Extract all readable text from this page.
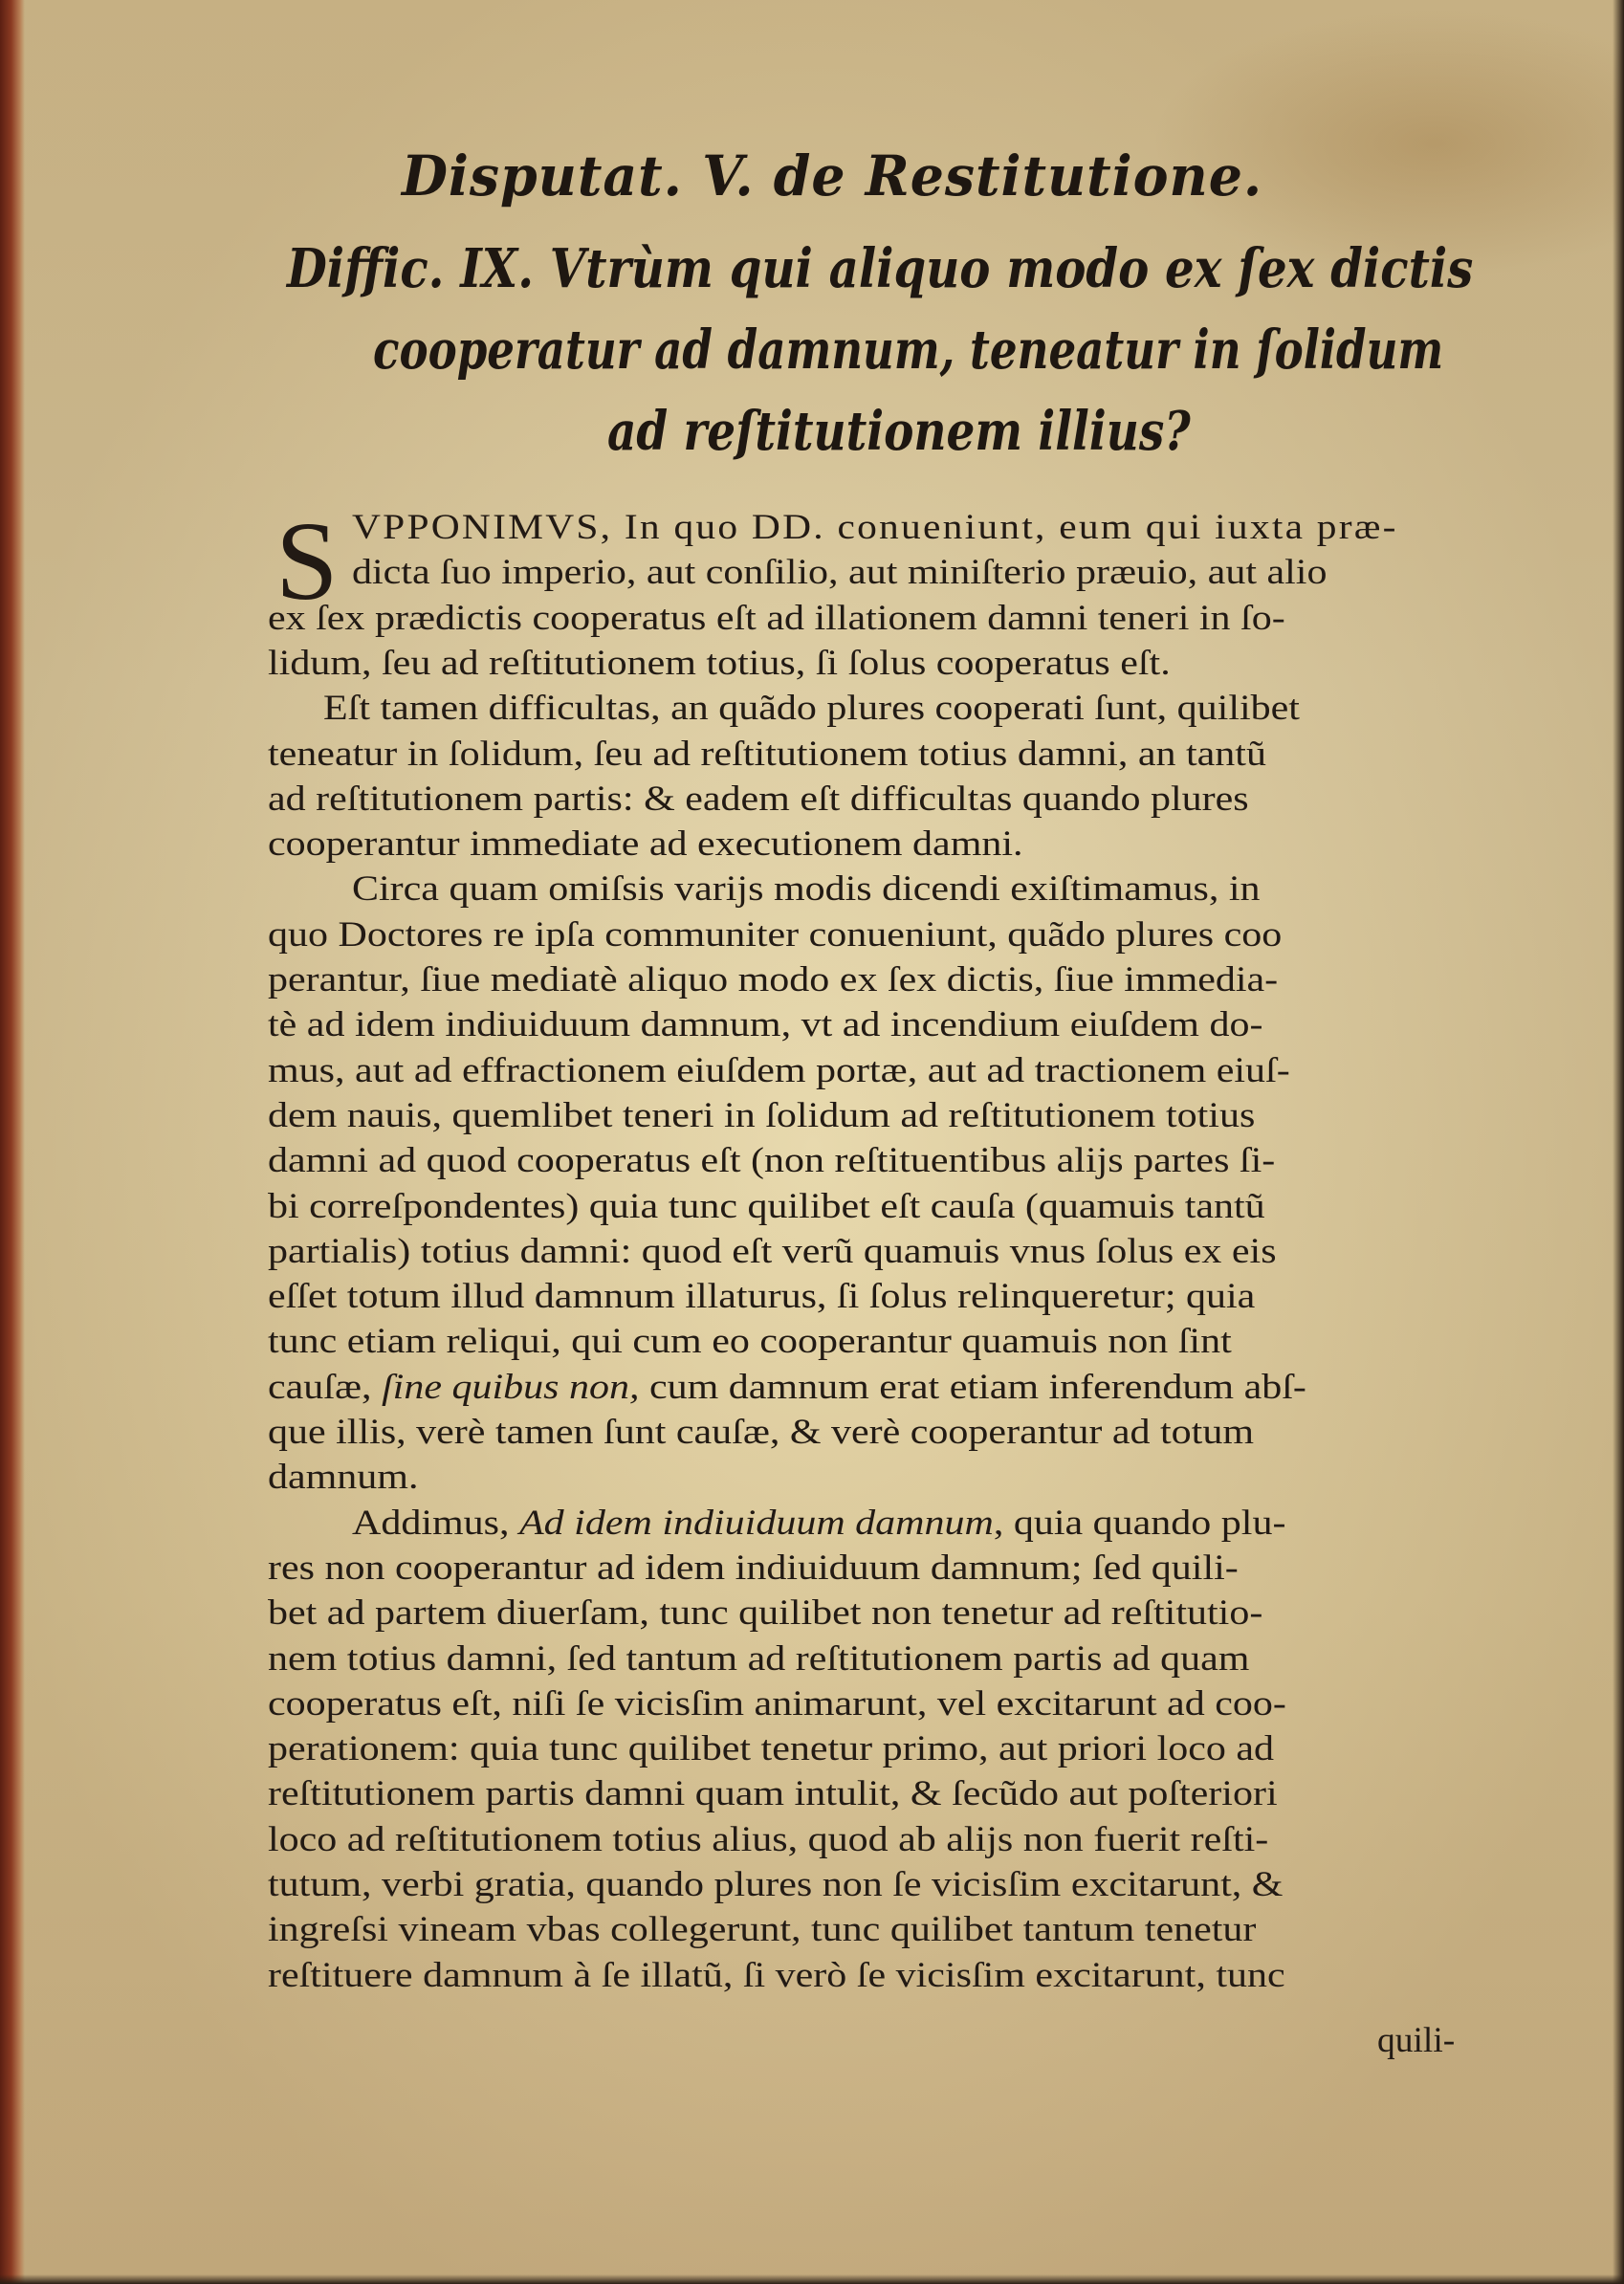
Disputat. V. de Restitutione.
Diffic. IX. Vtrùm qui aliquo modo ex ſex dictis
cooperatur ad damnum, teneatur in ſolidum
ad reſtitutionem illius?
S VPPONIMVS, In quo DD. conueniunt, eum qui iuxta præ-
dicta ſuo imperio, aut conſilio, aut miniſterio præuio, aut alio
ex ſex prædictis cooperatus eſt ad illationem damni teneri in ſo-
lidum, ſeu ad reſtitutionem totius, ſi ſolus cooperatus eſt.
Eſt tamen difficultas, an quãdo plures cooperati ſunt, quilibet
teneatur in ſolidum, ſeu ad reſtitutionem totius damni, an tantũ
ad reſtitutionem partis: & eadem eſt difficultas quando plures
cooperantur immediate ad executionem damni.
Circa quam omiſsis varijs modis dicendi exiſtimamus, in
quo Doctores re ipſa communiter conueniunt, quãdo plures coo
perantur, ſiue mediatè aliquo modo ex ſex dictis, ſiue immedia-
tè ad idem indiuiduum damnum, vt ad incendium eiuſdem do-
mus, aut ad effractionem eiuſdem portæ, aut ad tractionem eiuſ-
dem nauis, quemlibet teneri in ſolidum ad reſtitutionem totius
damni ad quod cooperatus eſt (non reſtituentibus alijs partes ſi-
bi correſpondentes) quia tunc quilibet eſt cauſa (quamuis tantũ
partialis) totius damni: quod eſt verũ quamuis vnus ſolus ex eis
eſſet totum illud damnum illaturus, ſi ſolus relinqueretur; quia
tunc etiam reliqui, qui cum eo cooperantur quamuis non ſint
cauſæ, ſine quibus non, cum damnum erat etiam inferendum abſ-
que illis, verè tamen ſunt cauſæ, & verè cooperantur ad totum
damnum.
Addimus, Ad idem indiuiduum damnum, quia quando plu-
res non cooperantur ad idem indiuiduum damnum; ſed quili-
bet ad partem diuerſam, tunc quilibet non tenetur ad reſtitutio-
nem totius damni, ſed tantum ad reſtitutionem partis ad quam
cooperatus eſt, niſi ſe vicisſim animarunt, vel excitarunt ad coo-
perationem: quia tunc quilibet tenetur primo, aut priori loco ad
reſtitutionem partis damni quam intulit, & ſecũdo aut poſteriori
loco ad reſtitutionem totius alius, quod ab alijs non fuerit reſti-
tutum, verbi gratia, quando plures non ſe vicisſim excitarunt, &
ingreſsi vineam vbas collegerunt, tunc quilibet tantum tenetur
reſtituere damnum à ſe illatũ, ſi verò ſe vicisſim excitarunt, tunc
quili-
